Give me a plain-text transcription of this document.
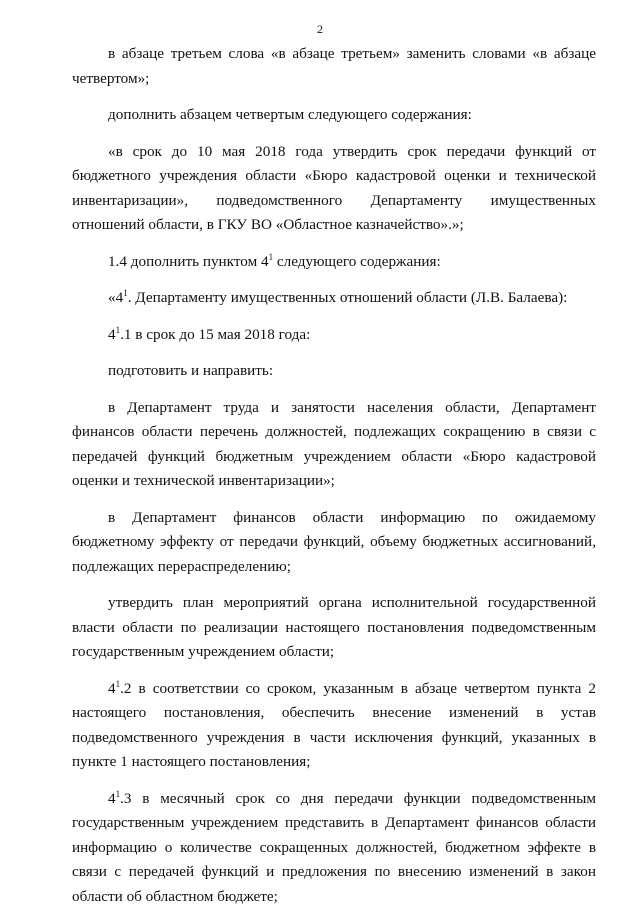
2

в абзаце третьем слова «в абзаце третьем» заменить словами «в абзаце четвертом»;

дополнить абзацем четвертым следующего содержания:

«в срок до 10 мая 2018 года утвердить срок передачи функций от бюджетного учреждения области «Бюро кадастровой оценки и технической инвентаризации», подведомственного Департаменту имущественных отношений области, в ГКУ ВО «Областное казначейство».»;

1.4 дополнить пунктом $4^1$ следующего содержания:

«$4^1$. Департаменту имущественных отношений области (Л.В. Балаева):

$4^1.1$ в срок до 15 мая 2018 года:

подготовить и направить:

в Департамент труда и занятости населения области, Департамент финансов области перечень должностей, подлежащих сокращению в связи с передачей функций бюджетным учреждением области «Бюро кадастровой оценки и технической инвентаризации»;

в Департамент финансов области информацию по ожидаемому бюджетному эффекту от передачи функций, объему бюджетных ассигнований, подлежащих перераспределению;

утвердить план мероприятий органа исполнительной государственной власти области по реализации настоящего постановления подведомственным государственным учреждением области;

$4^1.2$ в соответствии со сроком, указанным в абзаце четвертом пункта 2 настоящего постановления, обеспечить внесение изменений в устав подведомственного учреждения в части исключения функций, указанных в пункте 1 настоящего постановления;

$4^1.3$ в месячный срок со дня передачи функции подведомственным государственным учреждением представить в Департамент финансов области информацию о количестве сокращенных должностей, бюджетном эффекте в связи с передачей функций и предложения по внесению изменений в закон области об областном бюджете;
